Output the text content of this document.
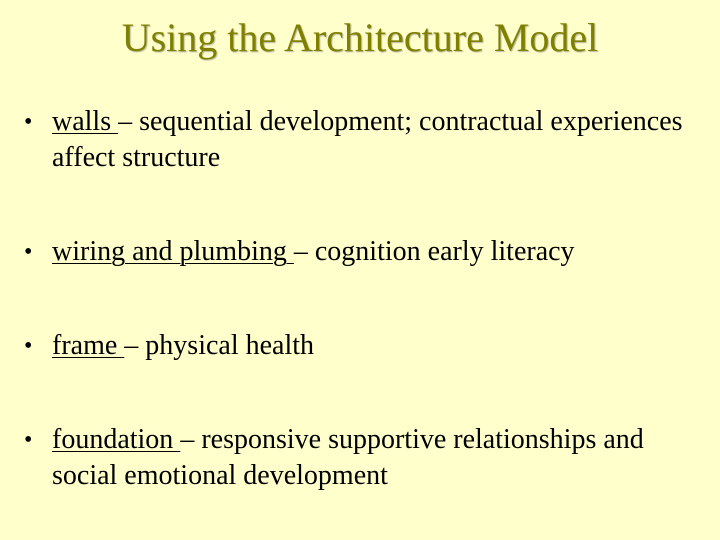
Using the Architecture Model
• walls – sequential development; contractual experiences affect structure
• wiring and plumbing – cognition early literacy
• frame – physical health
• foundation – responsive supportive relationships and social emotional development
